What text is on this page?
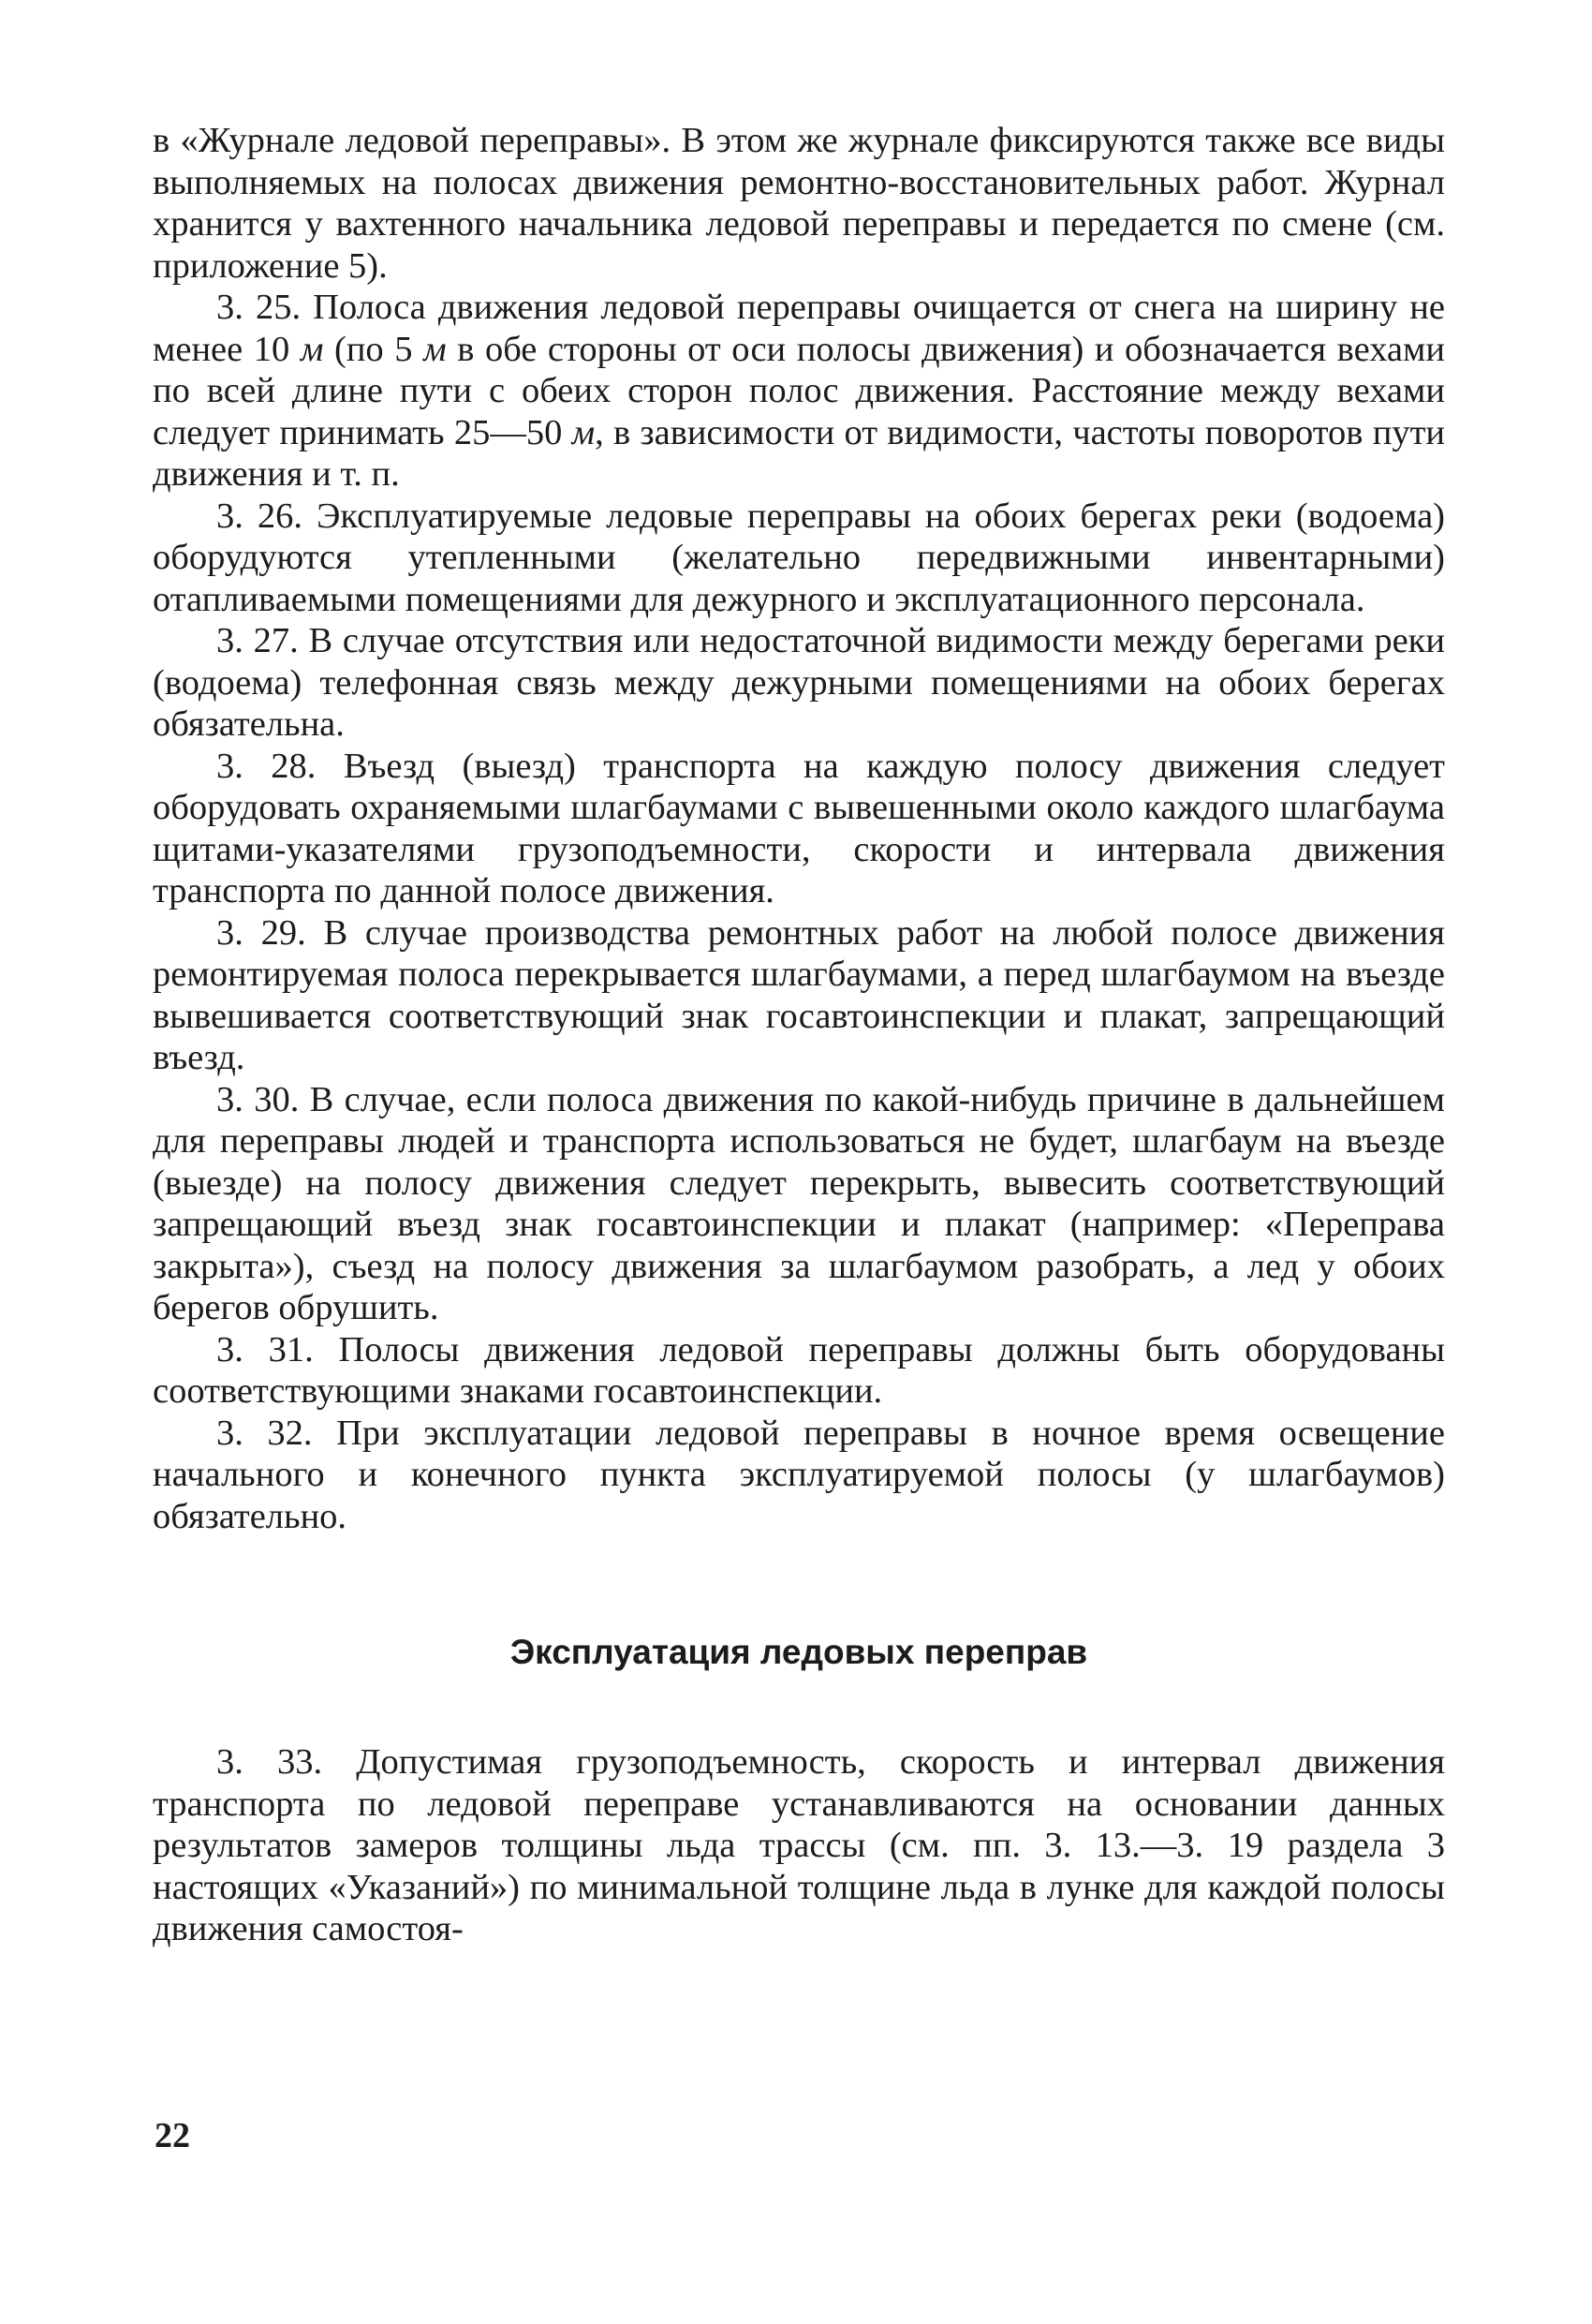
в «Журнале ледовой переправы». В этом же журнале фиксируются также все виды выполняемых на полосах движения ремонтно-восстановительных работ. Журнал хранится у вахтенного начальника ледовой переправы и передается по смене (см. приложение 5).

3. 25. Полоса движения ледовой переправы очищается от снега на ширину не менее 10 м (по 5 м в обе стороны от оси полосы движения) и обозначается вехами по всей длине пути с обеих сторон полос движения. Расстояние между вехами следует принимать 25—50 м, в зависимости от видимости, частоты поворотов пути движения и т. п.

3. 26. Эксплуатируемые ледовые переправы на обоих берегах реки (водоема) оборудуются утепленными (желательно передвижными инвентарными) отапливаемыми помещениями для дежурного и эксплуатационного персонала.

3. 27. В случае отсутствия или недостаточной видимости между берегами реки (водоема) телефонная связь между дежурными помещениями на обоих берегах обязательна.

3. 28. Въезд (выезд) транспорта на каждую полосу движения следует оборудовать охраняемыми шлагбаумами с вывешенными около каждого шлагбаума щитами-указателями грузоподъемности, скорости и интервала движения транспорта по данной полосе движения.

3. 29. В случае производства ремонтных работ на любой полосе движения ремонтируемая полоса перекрывается шлагбаумами, а перед шлагбаумом на въезде вывешивается соответствующий знак госавтоинспекции и плакат, запрещающий въезд.

3. 30. В случае, если полоса движения по какой-нибудь причине в дальнейшем для переправы людей и транспорта использоваться не будет, шлагбаум на въезде (выезде) на полосу движения следует перекрыть, вывесить соответствующий запрещающий въезд знак госавтоинспекции и плакат (например: «Переправа закрыта»), съезд на полосу движения за шлагбаумом разобрать, а лед у обоих берегов обрушить.

3. 31. Полосы движения ледовой переправы должны быть оборудованы соответствующими знаками госавтоинспекции.

3. 32. При эксплуатации ледовой переправы в ночное время освещение начального и конечного пункта эксплуатируемой полосы (у шлагбаумов) обязательно.

Эксплуатация ледовых переправ

3. 33. Допустимая грузоподъемность, скорость и интервал движения транспорта по ледовой переправе устанавливаются на основании данных результатов замеров толщины льда трассы (см. пп. 3. 13.—3. 19 раздела 3 настоящих «Указаний») по минимальной толщине льда в лунке для каждой полосы движения самостоя-

22
